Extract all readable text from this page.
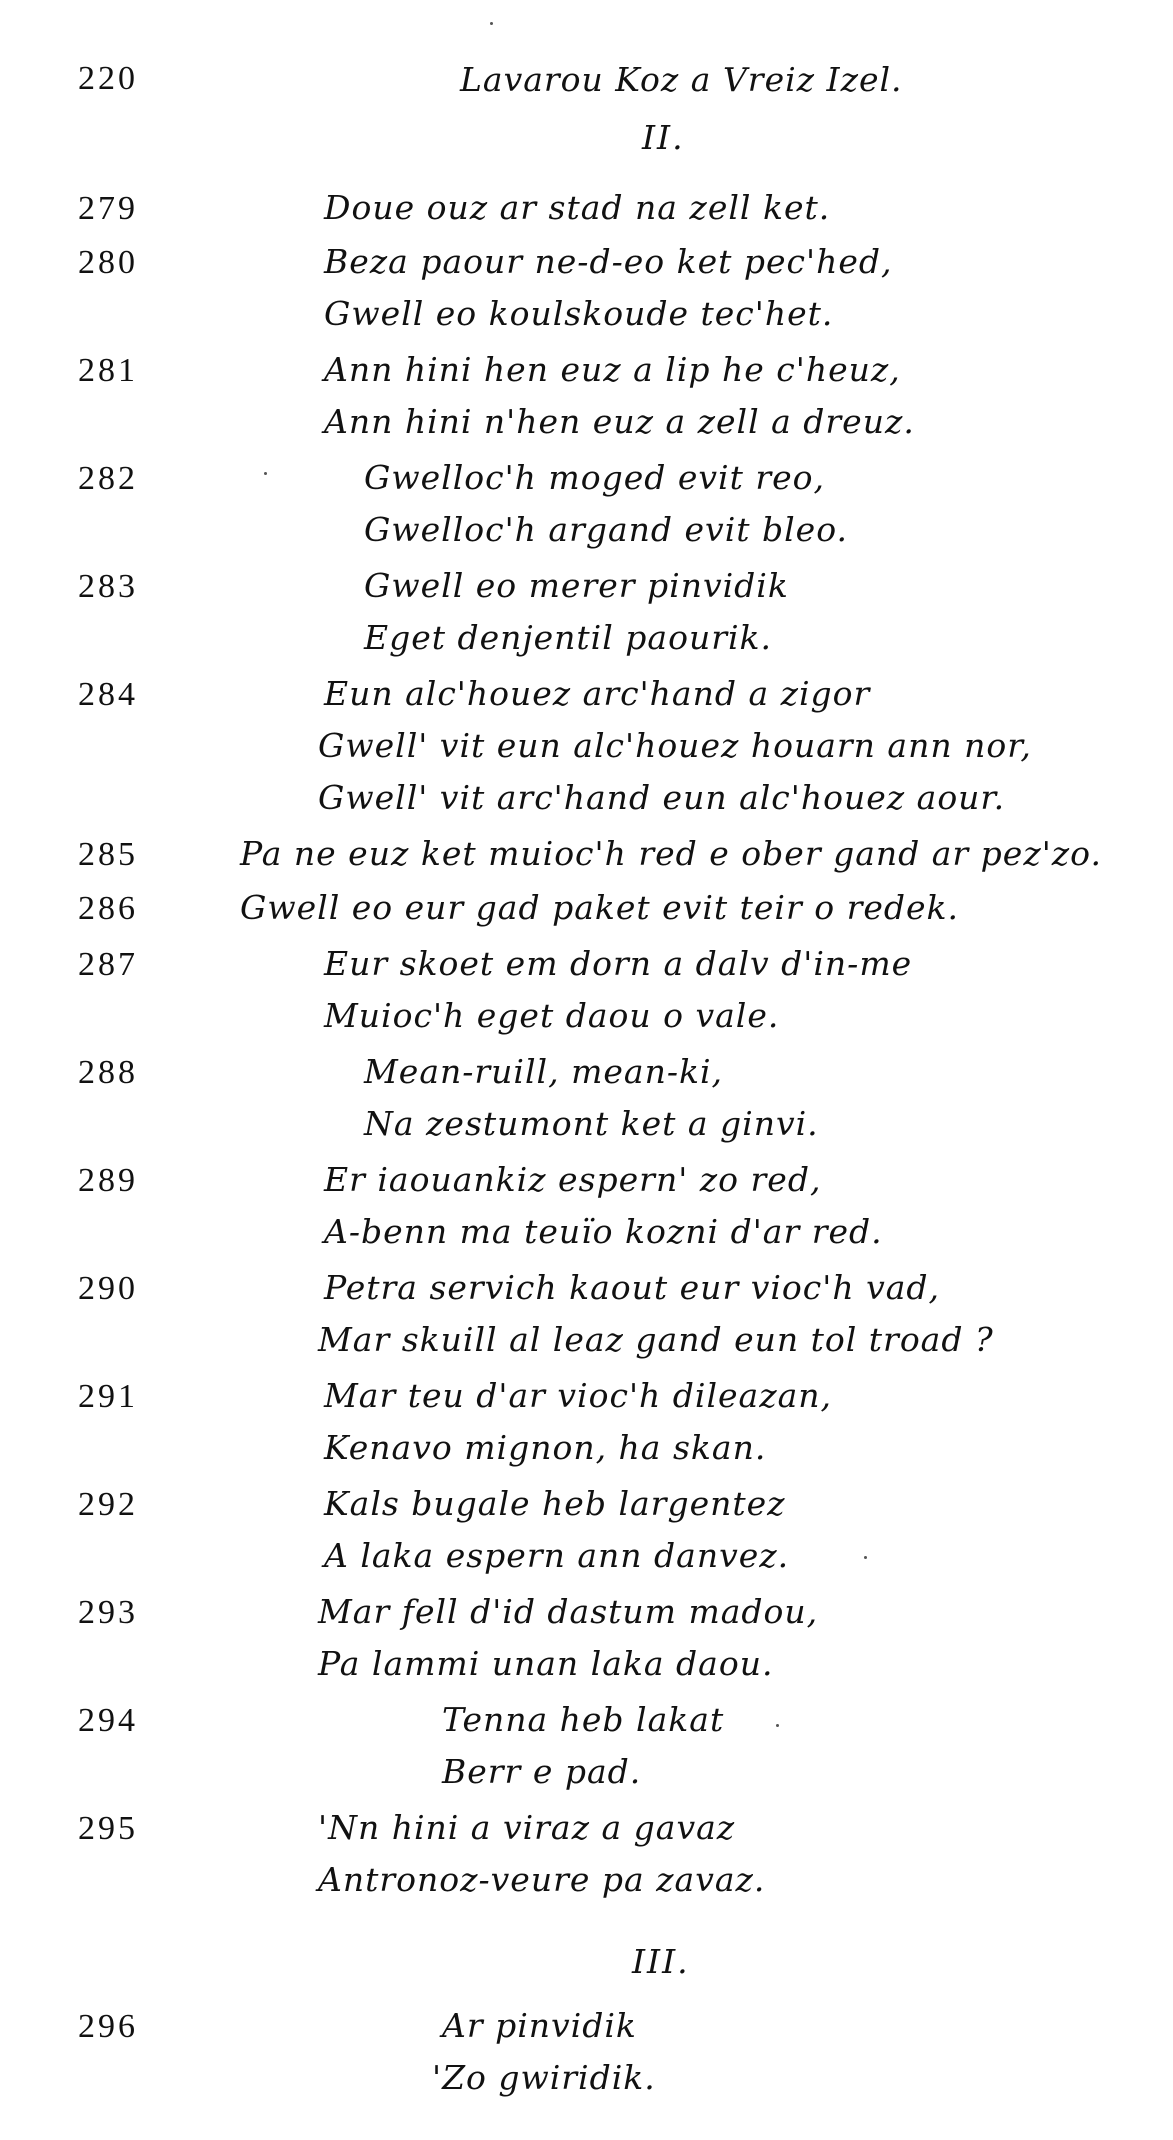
220	Lavarou Koz a Vreiz Izel.
II.
279	Doue ouz ar stad na zell ket.
280	Beza paour ne-d-eo ket pec'hed,
Gwell eo koulskoude tec'het.
281	Ann hini hen euz a lip he c'heuz,
Ann hini n'hen euz a zell a dreuz.
282	Gwelloc'h moged evit reo,
Gwelloc'h argand evit bleo.
283	Gwell eo merer pinvidik
Eget denjentil paourik.
284	Eun alc'houez arc'hand a zigor
Gwell' vit eun alc'houez houarn ann nor,
Gwell' vit arc'hand eun alc'houez aour.
285	Pa ne euz ket muioc'h red e ober gand ar pez'zo.
286	Gwell eo eur gad paket evit teir o redek.
287	Eur skoet em dorn a dalv d'in-me
Muioc'h eget daou o vale.
288	Mean-ruill, mean-ki,
Na zestumont ket a ginvi.
289	Er iaouankiz espern' zo red,
A-benn ma teuïo kozni d'ar red.
290	Petra servich kaout eur vioc'h vad,
Mar skuill al leaz gand eun tol troad ?
291	Mar teu d'ar vioc'h dileazan,
Kenavo mignon, ha skan.
292	Kals bugale heb largentez
A laka espern ann danvez.
293	Mar fell d'id dastum madou,
Pa lammi unan laka daou.
294	Tenna heb lakat
Berr e pad.
295	'Nn hini a viraz a gavaz
Antronoz-veure pa zavaz.
III.
296	Ar pinvidik
'Zo gwiridik.
